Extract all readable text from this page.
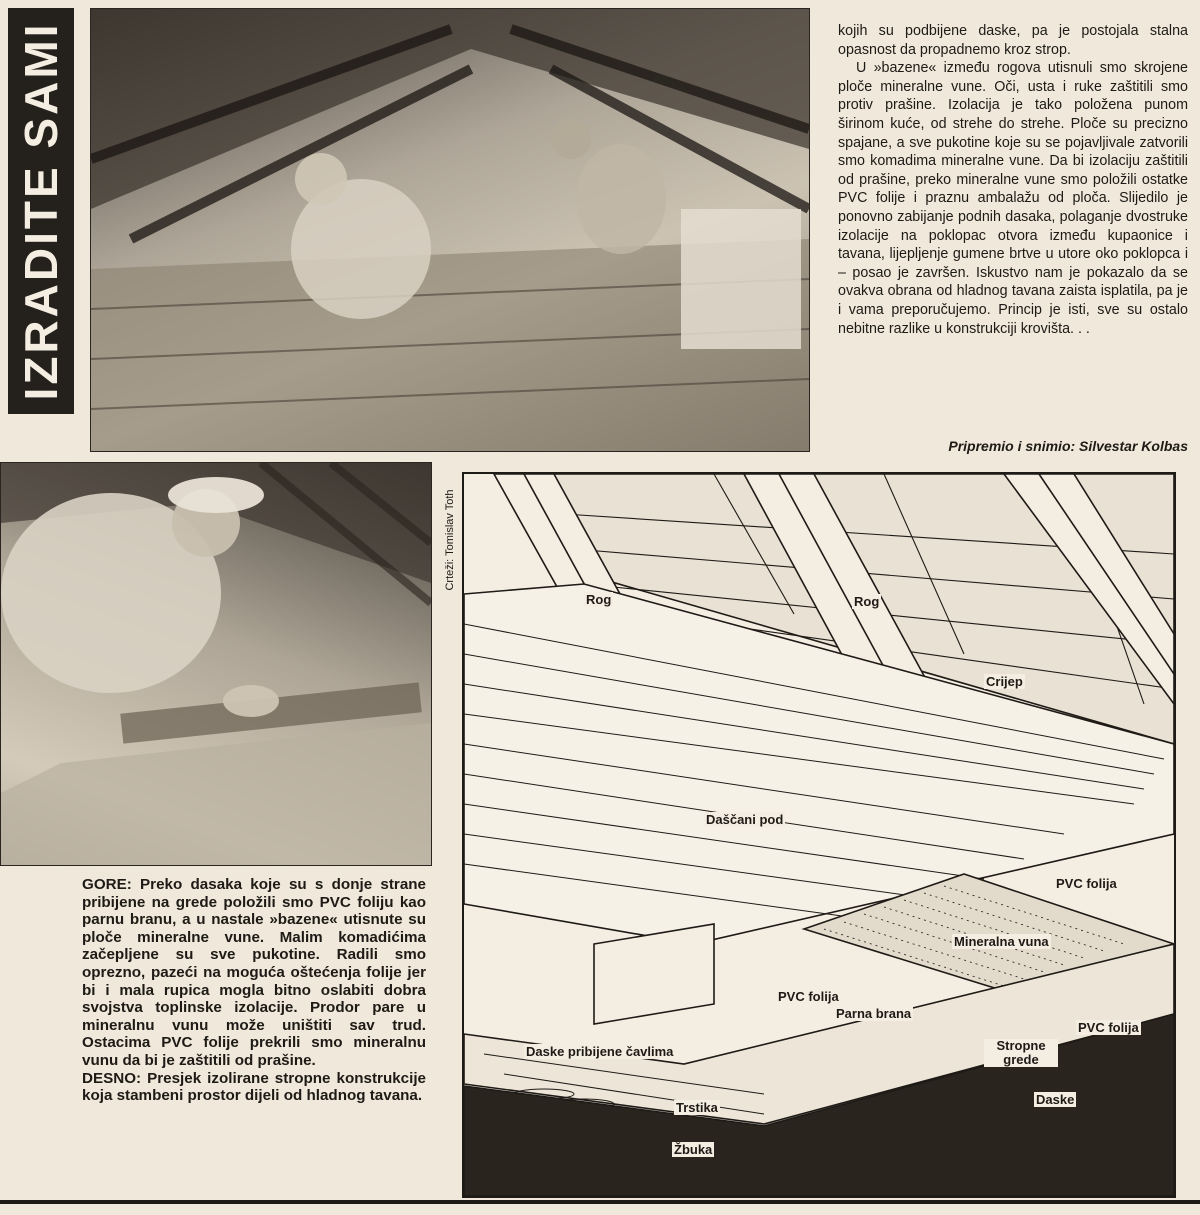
IZRADITE SAMI	kojih su podbijene daske, pa je postojala stalna opasnost da propadnemo kroz strop.

U »bazene« između rogova utisnuli smo skrojene ploče mineralne vune. Oči, usta i ruke zaštitili smo protiv prašine. Izolacija je tako položena punom širinom kuće, od strehe do strehe. Ploče su precizno spajane, a sve pukotine koje su se pojavljivale zatvorili smo komadima mineralne vune. Da bi izolaciju zaštitili od prašine, preko mineralne vune smo položili ostatke PVC folije i praznu ambalažu od ploča. Slijedilo je ponovno zabijanje podnih dasaka, polaganje dvostruke izolacije na poklopac otvora između kupaonice i tavana, lijepljenje gumene brtve u utore oko poklopca i – posao je završen. Iskustvo nam je pokazalo da se ovakva obrana od hladnog tavana zaista isplatila, pa je i vama preporučujemo. Princip je isti, sve su ostalo nebitne razlike u konstrukciji krovišta. . .

Pripremio i snimio: Silvestar Kolbas
Crteži: Tomislav Toth

GORE: Preko dasaka koje su s donje strane pribijene na grede položili smo PVC foliju kao parnu branu, a u nastale »bazene« utisnute su ploče mineralne vune. Malim komadićima začepljene su sve pukotine. Radili smo oprezno, pazeći na moguća oštećenja folije jer bi i mala rupica mogla bitno oslabiti dobra svojstva toplinske izolacije. Prodor pare u mineralnu vunu može uništiti sav trud. Ostacima PVC folije prekrili smo mineralnu vunu da bi je zaštitili od prašine.

DESNO: Presjek izolirane stropne konstrukcije koja stambeni prostor dijeli od hladnog tavana.

Rog	Rog
Crijep
Daščani pod
PVC folija
Mineralna vuna
PVC folija
Parna brana
PVC folija
Stropne grede
Daske pribijene čavlima
Trstika
Daske
Žbuka
